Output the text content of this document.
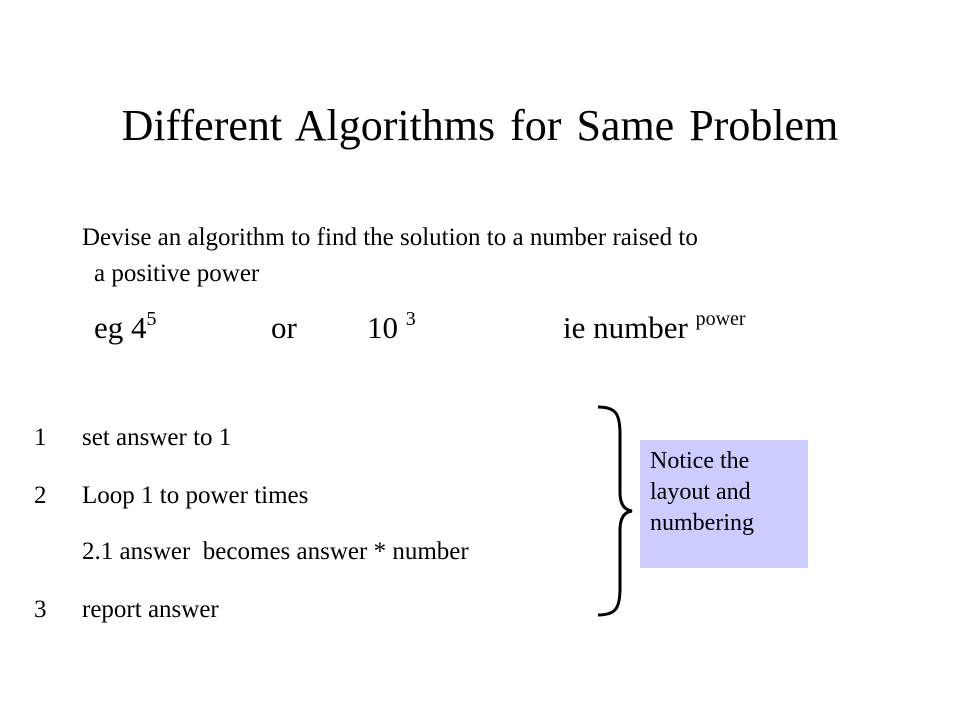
Different Algorithms for Same Problem
Devise an algorithm to find the solution to a number raised to
a positive power
eg $4^5$	or 10 $^3$	ie number $^{power}$
1 set answer to 1
2 Loop 1 to power times
2.1 answer  becomes answer * number
3 report answer
Notice the
layout and
numbering
